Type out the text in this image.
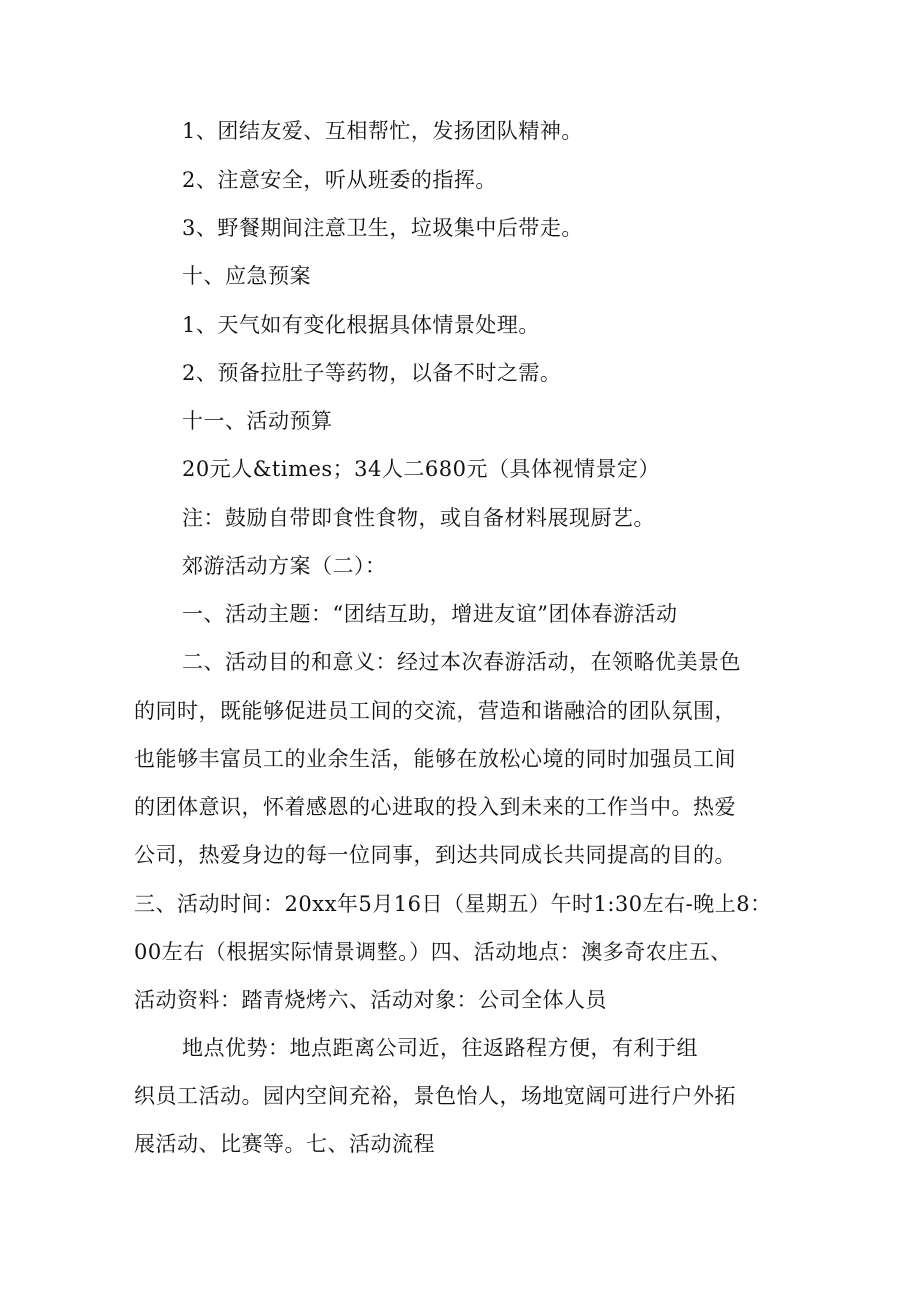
1、团结友爱、互相帮忙，发扬团队精神。

2、注意安全，听从班委的指挥。

3、野餐期间注意卫生，垃圾集中后带走。

十、应急预案

1、天气如有变化根据具体情景处理。

2、预备拉肚子等药物，以备不时之需。

十一、活动预算

20元人&times；34人二680元（具体视情景定）

注：鼓励自带即食性食物，或自备材料展现厨艺。

郊游活动方案（二）：

一、活动主题：“团结互助，增进友谊”团体春游活动

二、活动目的和意义：经过本次春游活动，在领略优美景色

的同时，既能够促进员工间的交流，营造和谐融洽的团队氛围，

也能够丰富员工的业余生活，能够在放松心境的同时加强员工间

的团体意识，怀着感恩的心进取的投入到未来的工作当中。热爱

公司，热爱身边的每一位同事，到达共同成长共同提高的目的。

三、活动时间：20xx年5月16日（星期五）午时1:30左右-晚上8：

00左右（根据实际情景调整。）四、活动地点：澳多奇农庄五、

活动资料：踏青烧烤六、活动对象：公司全体人员

地点优势：地点距离公司近，往返路程方便，有利于组

织员工活动。园内空间充裕，景色怡人，场地宽阔可进行户外拓

展活动、比赛等。七、活动流程
